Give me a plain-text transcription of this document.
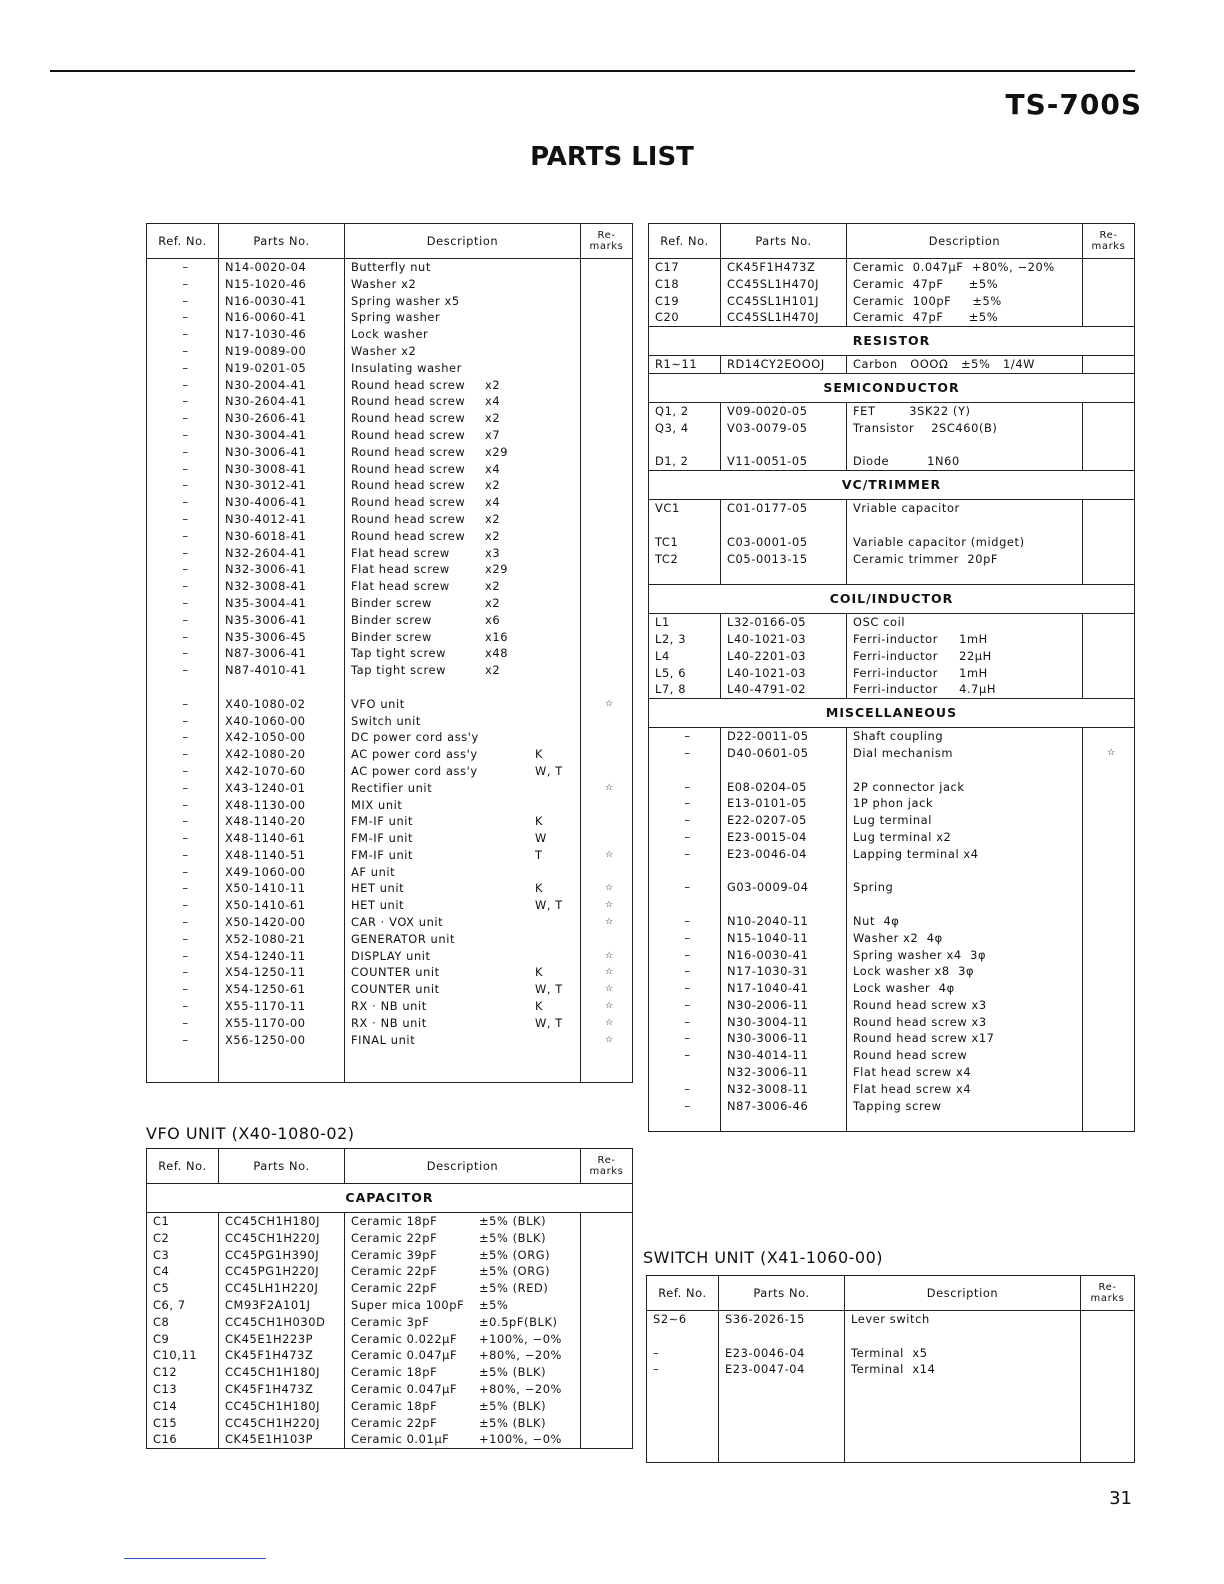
TS-700S
PARTS LIST
Ref. No.	Parts No.	Description	Re-
marks
–	N14-0020-04	Butterfly nut

–	N15-1020-46	Washer x2

–	N16-0030-41	Spring washer x5

–	N16-0060-41	Spring washer

–	N17-1030-46	Lock washer

–	N19-0089-00	Washer x2

–	N19-0201-05	Insulating washer

–	N30-2004-41	Round head screw x2	

–	N30-2604-41	Round head screw x4	

–	N30-2606-41	Round head screw x2	

–	N30-3004-41	Round head screw x7	

–	N30-3006-41	Round head screw x29	

–	N30-3008-41	Round head screw x4	

–	N30-3012-41	Round head screw x2	

–	N30-4006-41	Round head screw x4	

–	N30-4012-41	Round head screw x2	

–	N30-6018-41	Round head screw x2	

–	N32-2604-41	Flat head screw x3	

–	N32-3006-41	Flat head screw x29	

–	N32-3008-41	Flat head screw x2	

–	N35-3004-41	Binder screw x2	

–	N35-3006-41	Binder screw x6	

–	N35-3006-45	Binder screw x16	

–	N87-3006-41	Tap tight screw x48	

–	N87-4010-41	Tap tight screw x2	

–	X40-1080-02	VFO unit	☆
–	X40-1060-00	Switch unit

–	X42-1050-00	DC power cord ass'y

–	X42-1080-20	AC power cord ass'y K	

–	X42-1070-60	AC power cord ass'y W, T	

–	X43-1240-01	Rectifier unit	☆
–	X48-1130-00	MIX unit

–	X48-1140-20	FM-IF unit K	

–	X48-1140-61	FM-IF unit W	

–	X48-1140-51	FM-IF unit T	☆
–	X49-1060-00	AF unit

–	X50-1410-11	HET unit K	☆
–	X50-1410-61	HET unit W, T	☆
–	X50-1420-00	CAR · VOX unit	☆
–	X52-1080-21	GENERATOR unit

–	X54-1240-11	DISPLAY unit	☆
–	X54-1250-11	COUNTER unit K	☆
–	X54-1250-61	COUNTER unit W, T	☆
–	X55-1170-11	RX · NB unit K	☆
–	X55-1170-00	RX · NB unit W, T	☆
–	X56-1250-00	FINAL unit	☆

VFO UNIT (X40-1080-02)
Ref. No.	Parts No.	Description	Re-
marks
CAPACITOR			
C1	CC45CH1H180J	Ceramic 18pF ±5% (BLK)	

C2	CC45CH1H220J	Ceramic 22pF ±5% (BLK)	

C3	CC45PG1H390J	Ceramic 39pF ±5% (ORG)	

C4	CC45PG1H220J	Ceramic 22pF ±5% (ORG)	

C5	CC45LH1H220J	Ceramic 22pF ±5% (RED)	

C6, 7	CM93F2A101J	Super mica 100pF ±5%	

C8	CC45CH1H030D	Ceramic 3pF ±0.5pF(BLK)	

C9	CK45E1H223P	Ceramic 0.022μF +100%, −0%	

C10,11	CK45F1H473Z	Ceramic 0.047μF +80%, −20%	

C12	CC45CH1H180J	Ceramic 18pF ±5% (BLK)	

C13	CK45F1H473Z	Ceramic 0.047μF +80%, −20%	

C14	CC45CH1H180J	Ceramic 18pF ±5% (BLK)	

C15	CC45CH1H220J	Ceramic 22pF ±5% (BLK)	

C16	CK45E1H103P	Ceramic 0.01μF +100%, −0%	

Ref. No.	Parts No.	Description	Re-
marks
C17	CK45F1H473Z	Ceramic  0.047μF  +80%, −20%	
C18	CC45SL1H470J	Ceramic  47pF      ±5%	
C19	CC45SL1H101J	Ceramic  100pF     ±5%	
C20	CC45SL1H470J	Ceramic  47pF      ±5%	
RESISTOR			
R1∼11	RD14CY2EOOOJ	Carbon   OOOΩ   ±5%   1/4W	
SEMICONDUCTOR			
Q1, 2	V09-0020-05	FET        3SK22 (Y)	
Q3, 4	V03-0079-05	Transistor    2SC460(B)	

D1, 2	V11-0051-05	Diode         1N60	
VC/TRIMMER			
VC1	C01-0177-05	Vriable capacitor	

TC1	C03-0001-05	Variable capacitor (midget)	
TC2	C05-0013-15	Ceramic trimmer  20pF	

COIL/INDUCTOR			
L1	L32-0166-05	OSC coil	
L2, 3	L40-1021-03	Ferri-inductor     1mH	
L4	L40-2201-03	Ferri-inductor     22μH	
L5, 6	L40-1021-03	Ferri-inductor     1mH	
L7, 8	L40-4791-02	Ferri-inductor     4.7μH	
MISCELLANEOUS			
–	D22-0011-05	Shaft coupling	
–	D40-0601-05	Dial mechanism	☆

–	E08-0204-05	2P connector jack	
–	E13-0101-05	1P phon jack	
–	E22-0207-05	Lug terminal	
–	E23-0015-04	Lug terminal x2	
–	E23-0046-04	Lapping terminal x4	

–	G03-0009-04	Spring	

–	N10-2040-11	Nut  4φ	
–	N15-1040-11	Washer x2  4φ	
–	N16-0030-41	Spring washer x4  3φ	
–	N17-1030-31	Lock washer x8  3φ	
–	N17-1040-41	Lock washer  4φ	
–	N30-2006-11	Round head screw x3	
–	N30-3004-11	Round head screw x3	
–	N30-3006-11	Round head screw x17	
–	N30-4014-11	Round head screw	
	N32-3006-11	Flat head screw x4	
–	N32-3008-11	Flat head screw x4	
–	N87-3006-46	Tapping screw	

SWITCH UNIT (X41-1060-00)
Ref. No.	Parts No.	Description	Re-
marks
S2∼6	S36-2026-15	Lever switch	

–	E23-0046-04	Terminal  x5	
–	E23-0047-04	Terminal  x14	

31
